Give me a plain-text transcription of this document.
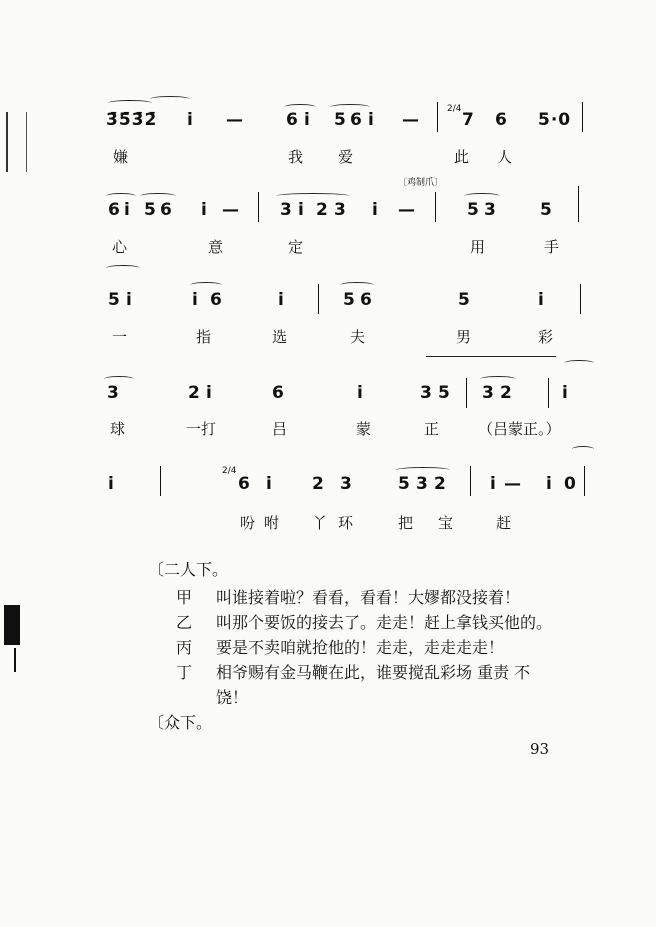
3̄5̄3̄2̄ i — 6 i 5 6 i —
2/4
7 6 5·0
嫌	我 爱	此 人
〔鸡制爪〕
6 i 5 6 i — 3 i 2 3 i —	5 3	5
心	意	定	用	手
5 i	i 6	i	5 6	5	i
一	指	选	夫	男	彩
3	2 i	6	i	3 5 3 2	i
球	一打	吕	蒙	正	（吕蒙正。）
i
2/4
6 i 2 3	5 3 2	i — i 0
吩 咐 丫 环	把 宝	赶
〔二人下。
甲 叫谁接着啦？看看，看看！大嫪都没接着！
乙 叫那个要饭的接去了。走走！赶上拿钱买他的。
丙 要是不卖咱就抢他的！走走，走走走走！
丁 相爷赐有金马鞭在此，谁要搅乱彩场 重责 不
饶！
〔众下。
93
